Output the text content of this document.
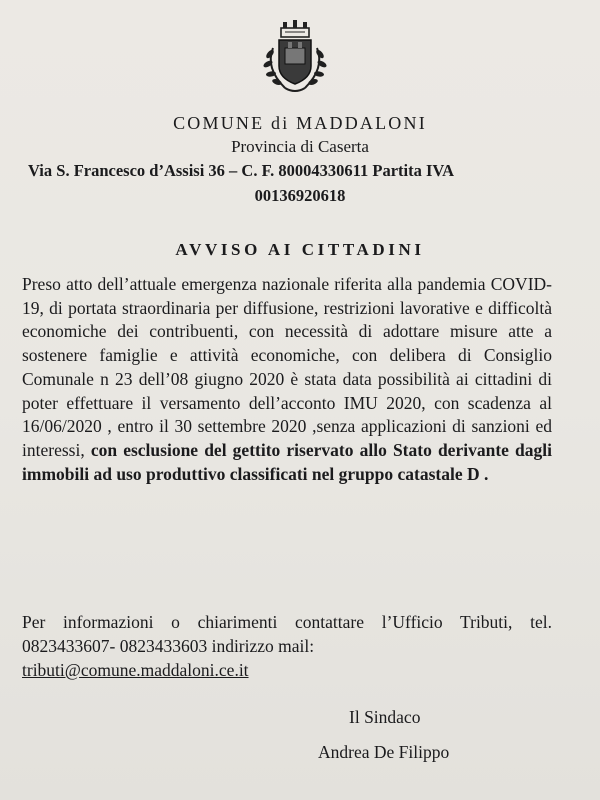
COMUNE di MADDALONI
Provincia di Caserta
Via S. Francesco d’Assisi 36 – C. F. 80004330611 Partita IVA
00136920618
AVVISO AI CITTADINI
Preso atto dell’attuale emergenza nazionale riferita alla pandemia COVID-19, di portata straordinaria per diffusione, restrizioni lavorative e difficoltà economiche dei contribuenti, con necessità di adottare misure atte a sostenere famiglie e attività economiche, con delibera di Consiglio Comunale n 23 dell’08 giugno 2020 è stata data possibilità ai cittadini di poter effettuare il versamento dell’acconto IMU 2020, con scadenza al 16/06/2020 , entro il 30 settembre 2020 ,senza applicazioni di sanzioni ed interessi, con esclusione del gettito riservato allo Stato derivante dagli immobili ad uso produttivo classificati nel gruppo catastale D .
Per informazioni o chiarimenti contattare l’Ufficio Tributi, tel. 0823433607- 0823433603 indirizzo mail:
tributi@comune.maddaloni.ce.it
Il Sindaco
Andrea De Filippo
